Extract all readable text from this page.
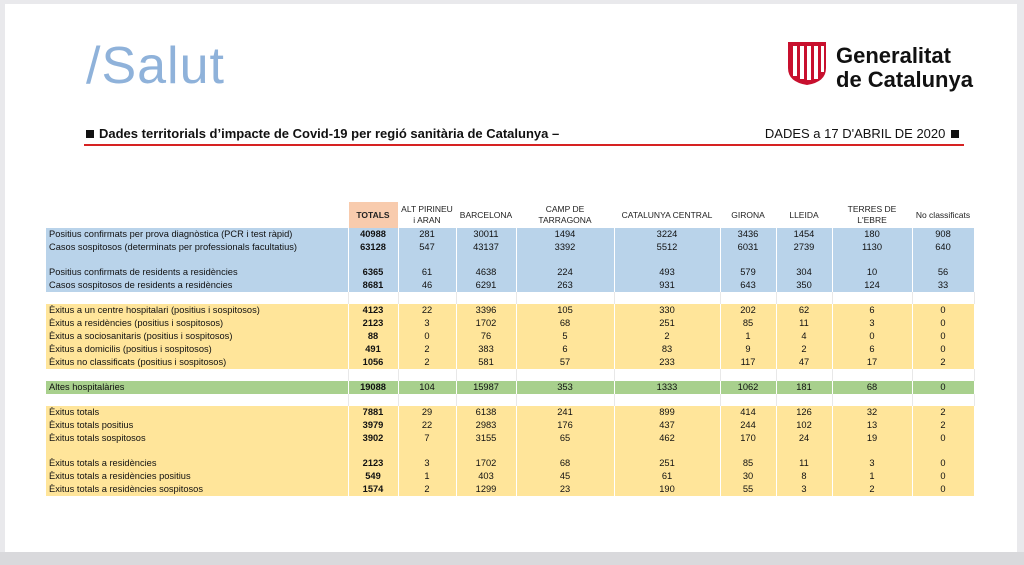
/Salut	Generalitat
de Catalunya
Dades territorials d’impacte de Covid-19 per regió sanitària de Catalunya –	DADES a 17 D'ABRIL DE 2020
	TOTALS	ALT PIRINEU i ARAN	BARCELONA	CAMP DE TARRAGONA	CATALUNYA CENTRAL	GIRONA	LLEIDA	TERRES DE L'EBRE	No classificats
Positius confirmats per prova diagnòstica (PCR i test ràpid)	40988	281	30011	1494	3224	3436	1454	180	908
Casos sospitosos (determinats per professionals facultatius)	63128	547	43137	3392	5512	6031	2739	1130	640

Positius confirmats de residents a residències	6365	61	4638	224	493	579	304	10	56
Casos sospitosos de residents a residències	8681	46	6291	263	931	643	350	124	33

Èxitus a un centre hospitalari (positius i sospitosos)	4123	22	3396	105	330	202	62	6	0
Èxitus a residències (positius i sospitosos)	2123	3	1702	68	251	85	11	3	0
Èxitus a sociosanitaris (positius i sospitosos)	88	0	76	5	2	1	4	0	0
Èxitus a domicilis (positius i sospitosos)	491	2	383	6	83	9	2	6	0
Èxitus no classificats (positius i sospitosos)	1056	2	581	57	233	117	47	17	2

Altes hospitalàries	19088	104	15987	353	1333	1062	181	68	0

Èxitus totals	7881	29	6138	241	899	414	126	32	2
Èxitus totals positius	3979	22	2983	176	437	244	102	13	2
Èxitus totals sospitosos	3902	7	3155	65	462	170	24	19	0

Èxitus totals a residències	2123	3	1702	68	251	85	11	3	0
Èxitus totals a residències positius	549	1	403	45	61	30	8	1	0
Èxitus totals a residències sospitosos	1574	2	1299	23	190	55	3	2	0
